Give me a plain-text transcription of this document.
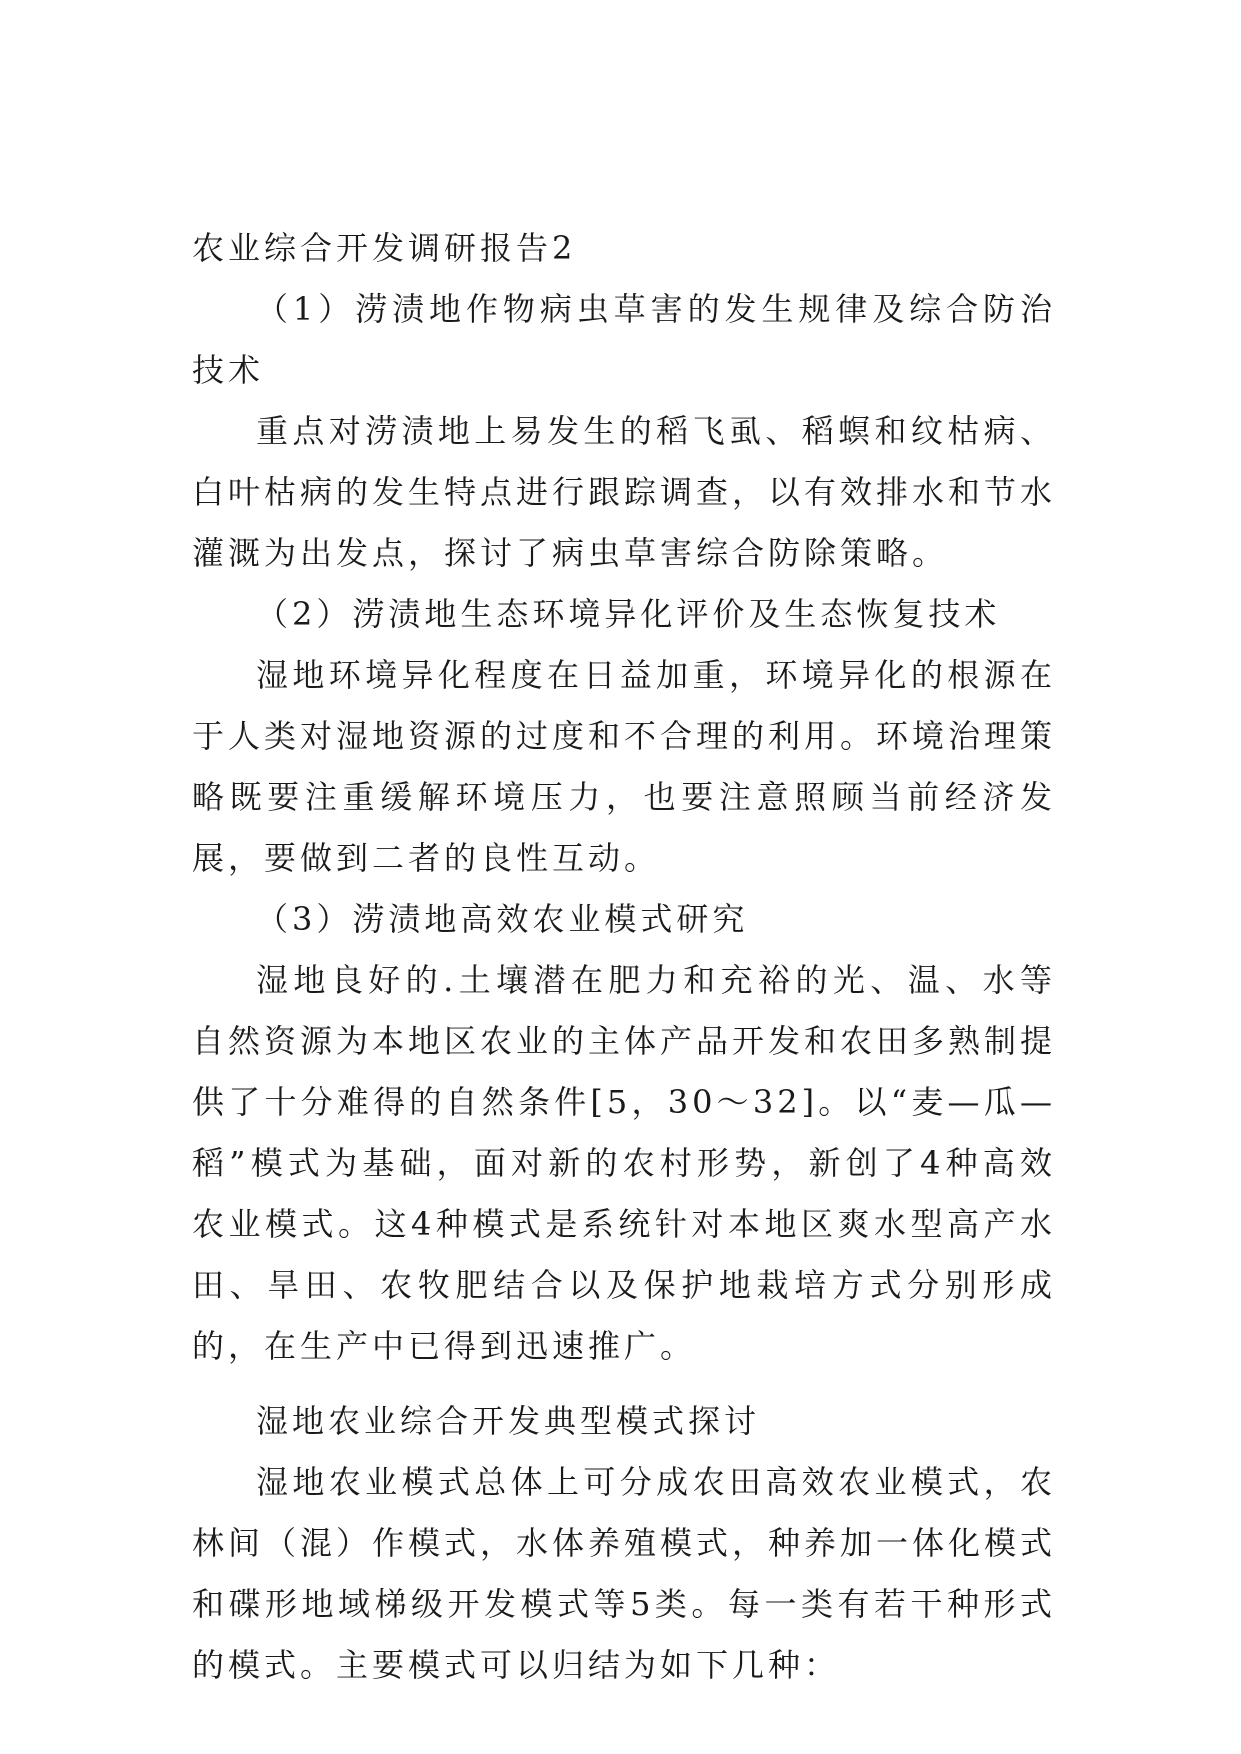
农业综合开发调研报告2

（1）涝渍地作物病虫草害的发生规律及综合防治技术

重点对涝渍地上易发生的稻飞虱、稻螟和纹枯病、白叶枯病的发生特点进行跟踪调查，以有效排水和节水灌溉为出发点，探讨了病虫草害综合防除策略。

（2）涝渍地生态环境异化评价及生态恢复技术

湿地环境异化程度在日益加重，环境异化的根源在于人类对湿地资源的过度和不合理的利用。环境治理策略既要注重缓解环境压力，也要注意照顾当前经济发展，要做到二者的良性互动。

（3）涝渍地高效农业模式研究

湿地良好的.土壤潜在肥力和充裕的光、温、水等自然资源为本地区农业的主体产品开发和农田多熟制提供了十分难得的自然条件[5，30～32]。以“麦—瓜—稻”模式为基础，面对新的农村形势，新创了4种高效农业模式。这4种模式是系统针对本地区爽水型高产水田、旱田、农牧肥结合以及保护地栽培方式分别形成的，在生产中已得到迅速推广。

湿地农业综合开发典型模式探讨

湿地农业模式总体上可分成农田高效农业模式，农林间（混）作模式，水体养殖模式，种养加一体化模式和碟形地域梯级开发模式等5类。每一类有若干种形式的模式。主要模式可以归结为如下几种：
